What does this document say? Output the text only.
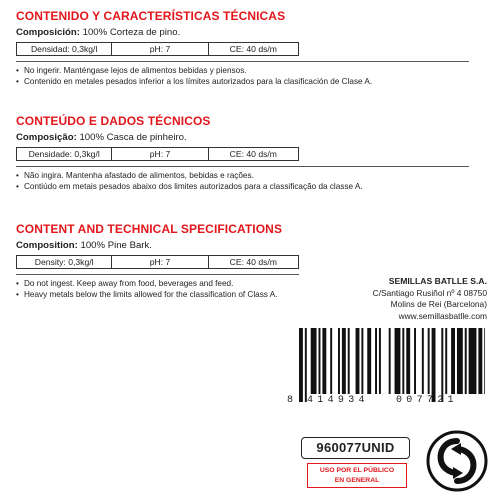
CONTENIDO Y CARACTERÍSTICAS TÉCNICAS
Composición: 100% Corteza de pino.
Densidad: 0,3kg/l	pH: 7	CE: 40 ds/m
• No ingerir. Manténgase lejos de alimentos bebidas y piensos.
• Contenido en metales pesados inferior a los límites autorizados para la clasificación de Clase A.
CONTEÚDO E DADOS TÉCNICOS
Composição: 100% Casca de pinheiro.
Densidade: 0,3kg/l	pH: 7	CE: 40 ds/m
• Não ingira. Mantenha afastado de alimentos, bebidas e rações.
• Contiúdo em metais pesados abaixo dos limites autorizados para a classificação da classe A.
CONTENT AND TECHNICAL SPECIFICATIONS
Composition: 100% Pine Bark.
Density: 0,3kg/l	pH: 7	CE: 40 ds/m
• Do not ingest. Keep away from food, beverages and feed.
• Heavy metals below the limits allowed for the classification of Class A.
SEMILLAS BATLLE S.A.
C/Santiago Rusiñol nº 4 08750
Molins de Rei (Barcelona)
www.semillasbatlle.com
8 414934	007721
960077UNID
USO POR EL PÚBLICO
EN GENERAL
